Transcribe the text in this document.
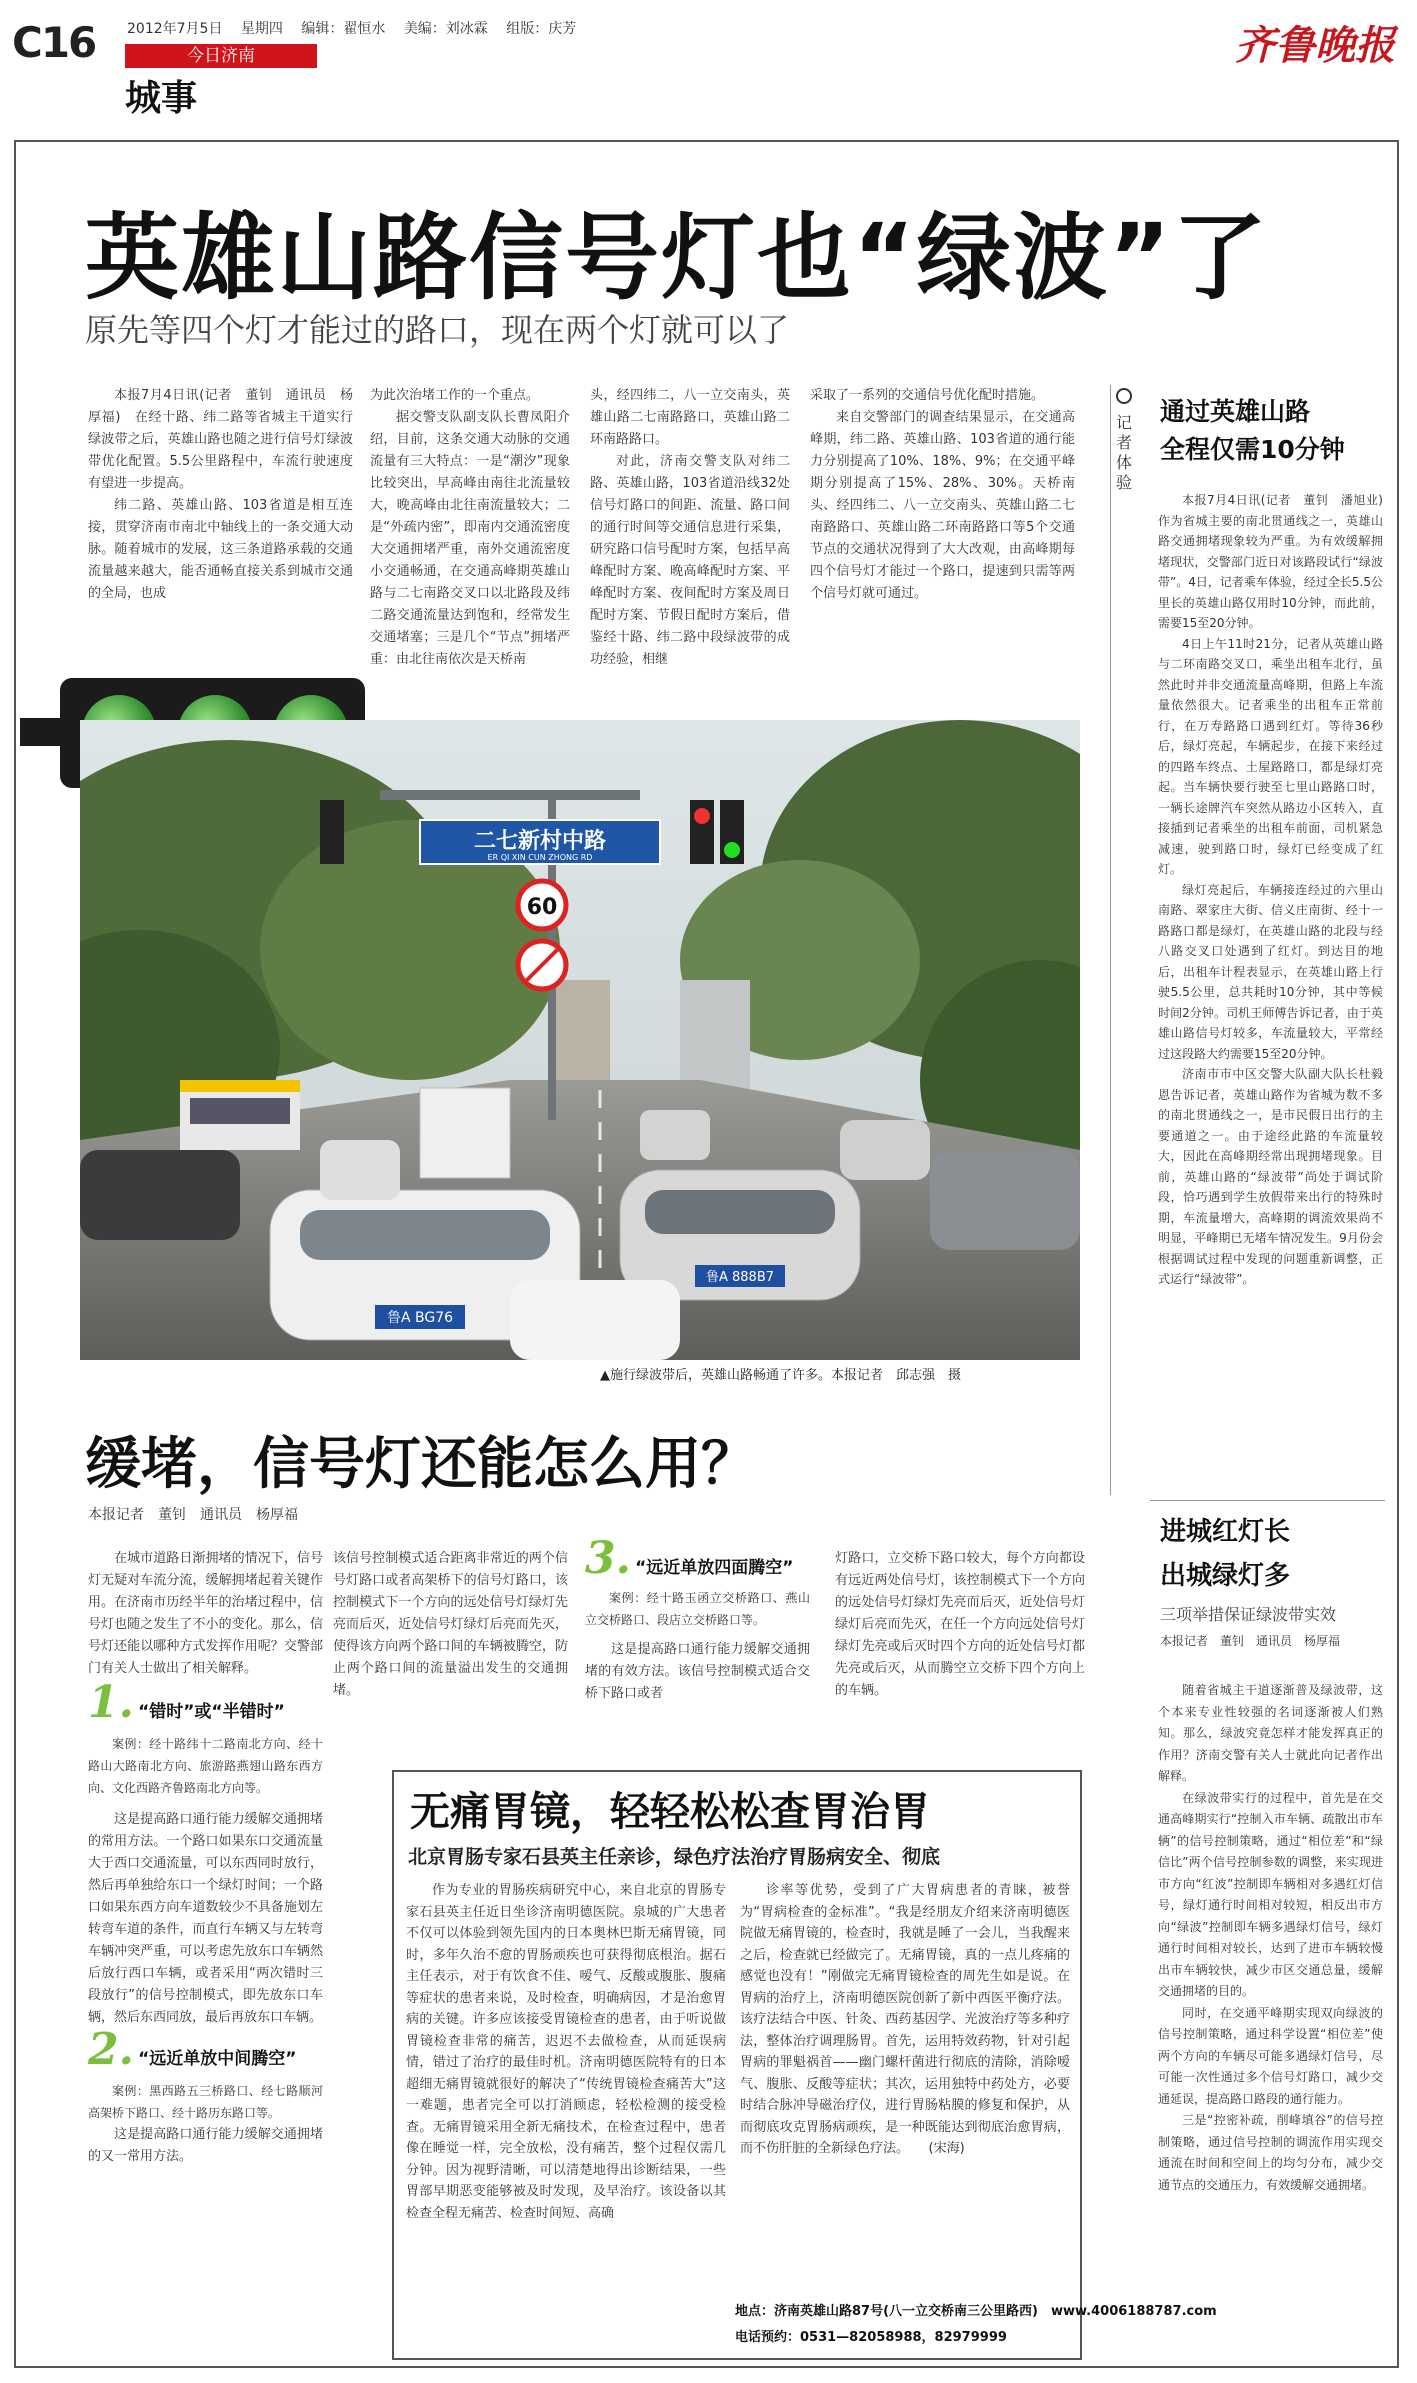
C16 2012年7月5日　 星期四　 编辑：翟恒水　 美编：刘冰霖　 组版：庆芳
今日济南
城事
齐鲁晚报
英雄山路信号灯也“绿波”了
原先等四个灯才能过的路口，现在两个灯就可以了

本报7月4日讯(记者　董钊　通讯员　杨厚福)　在经十路、纬二路等省城主干道实行绿波带之后，英雄山路也随之进行信号灯绿波带优化配置。5.5公里路程中，车流行驶速度有望进一步提高。

纬二路、英雄山路、103省道是相互连接，贯穿济南市南北中轴线上的一条交通大动脉。随着城市的发展，这三条道路承载的交通流量越来越大，能否通畅直接关系到城市交通的全局，也成

为此次治堵工作的一个重点。

据交警支队副支队长曹凤阳介绍，目前，这条交通大动脉的交通流量有三大特点：一是“潮汐”现象比较突出，早高峰由南往北流量较大，晚高峰由北往南流量较大；二是“外疏内密”，即南内交通流密度大交通拥堵严重，南外交通流密度小交通畅通，在交通高峰期英雄山路与二七南路交叉口以北路段及纬二路交通流量达到饱和，经常发生交通堵塞；三是几个“节点”拥堵严重：由北往南依次是天桥南

头，经四纬二，八一立交南头，英雄山路二七南路路口，英雄山路二环南路路口。

对此，济南交警支队对纬二路、英雄山路，103省道沿线32处信号灯路口的间距、流量、路口间的通行时间等交通信息进行采集，研究路口信号配时方案，包括早高峰配时方案、晚高峰配时方案、平峰配时方案、夜间配时方案及周日配时方案、节假日配时方案后，借鉴经十路、纬二路中段绿波带的成功经验，相继

采取了一系列的交通信号优化配时措施。

来自交警部门的调查结果显示，在交通高峰期，纬二路、英雄山路、103省道的通行能力分别提高了10%、18%、9%；在交通平峰期分别提高了15%、28%、30%。天桥南头、经四纬二、八一立交南头、英雄山路二七南路路口、英雄山路二环南路路口等5个交通节点的交通状况得到了大大改观，由高峰期每四个信号灯才能过一个路口，提速到只需等两个信号灯就可通过。

二七新村中路
ER QI XIN CUN ZHONG RD
60
鲁A BG76
鲁A 888B7
▲施行绿波带后，英雄山路畅通了许多。本报记者　邱志强　摄
记者体验
通过英雄山路
全程仅需10分钟

本报7月4日讯(记者　董钊　潘旭业)　作为省城主要的南北贯通线之一，英雄山路交通拥堵现象较为严重。为有效缓解拥堵现状，交警部门近日对该路段试行“绿波带”。4日，记者乘车体验，经过全长5.5公里长的英雄山路仅用时10分钟，而此前，需要15至20分钟。

4日上午11时21分，记者从英雄山路与二环南路交叉口，乘坐出租车北行，虽然此时并非交通流量高峰期，但路上车流量依然很大。记者乘坐的出租车正常前行，在万寿路路口遇到红灯。等待36秒后，绿灯亮起，车辆起步，在接下来经过的四路车终点、土屋路路口，都是绿灯亮起。当车辆快要行驶至七里山路路口时，一辆长途牌汽车突然从路边小区转入，直接插到记者乘坐的出租车前面，司机紧急减速，驶到路口时，绿灯已经变成了红灯。

绿灯亮起后，车辆接连经过的六里山南路、翠家庄大街、信义庄南街、经十一路路口都是绿灯，在英雄山路的北段与经八路交叉口处遇到了红灯。到达目的地后，出租车计程表显示，在英雄山路上行驶5.5公里，总共耗时10分钟，其中等候时间2分钟。司机王师傅告诉记者，由于英雄山路信号灯较多，车流量较大，平常经过这段路大约需要15至20分钟。

济南市市中区交警大队副大队长杜毅恩告诉记者，英雄山路作为省城为数不多的南北贯通线之一，是市民假日出行的主要通道之一。由于途经此路的车流量较大，因此在高峰期经常出现拥堵现象。目前，英雄山路的“绿波带”尚处于调试阶段，恰巧遇到学生放假带来出行的特殊时期，车流量增大，高峰期的调流效果尚不明显，平峰期已无堵车情况发生。9月份会根据调试过程中发现的问题重新调整，正式运行“绿波带”。

进城红灯长
出城绿灯多
三项举措保证绿波带实效
本报记者　董钊　通讯员　杨厚福

随着省城主干道逐渐普及绿波带，这个本来专业性较强的名词逐渐被人们熟知。那么，绿波究竟怎样才能发挥真正的作用？济南交警有关人士就此向记者作出解释。

在绿波带实行的过程中，首先是在交通高峰期实行“控制入市车辆、疏散出市车辆”的信号控制策略，通过“相位差”和“绿信比”两个信号控制参数的调整，来实现进市方向“红波”控制即车辆相对多遇红灯信号，绿灯通行时间相对较短，相反出市方向“绿波”控制即车辆多遇绿灯信号，绿灯通行时间相对较长，达到了进市车辆较慢出市车辆较快，减少市区交通总量，缓解交通拥堵的目的。

同时，在交通平峰期实现双向绿波的信号控制策略，通过科学设置“相位差”使两个方向的车辆尽可能多遇绿灯信号，尽可能一次性通过多个信号灯路口，减少交通延误，提高路口路段的通行能力。

三是“控密补疏，削峰填谷”的信号控制策略，通过信号控制的调流作用实现交通流在时间和空间上的均匀分布，减少交通节点的交通压力，有效缓解交通拥堵。

缓堵，信号灯还能怎么用？
本报记者　董钊　通讯员　杨厚福

在城市道路日渐拥堵的情况下，信号灯无疑对车流分流，缓解拥堵起着关键作用。在济南市历经半年的治堵过程中，信号灯也随之发生了不小的变化。那么，信号灯还能以哪种方式发挥作用呢？交警部门有关人士做出了相关解释。

1. “错时”或“半错时”

案例：经十路纬十二路南北方向、经十路山大路南北方向、旅游路燕翅山路东西方向、文化西路齐鲁路南北方向等。

这是提高路口通行能力缓解交通拥堵的常用方法。一个路口如果东口交通流量大于西口交通流量，可以东西同时放行，然后再单独给东口一个绿灯时间；一个路口如果东西方向车道数较少不具备施划左转弯车道的条件，而直行车辆又与左转弯车辆冲突严重，可以考虑先放东口车辆然后放行西口车辆，或者采用“两次错时三段放行”的信号控制模式，即先放东口车辆，然后东西同放，最后再放东口车辆。

2. “远近单放中间腾空”

案例：黑西路五三桥路口、经七路顺河高架桥下路口、经十路历东路口等。

这是提高路口通行能力缓解交通拥堵的又一常用方法。

该信号控制模式适合距离非常近的两个信号灯路口或者高架桥下的信号灯路口，该控制模式下一个方向的远处信号灯绿灯先亮而后灭，近处信号灯绿灯后亮而先灭，使得该方向两个路口间的车辆被腾空，防止两个路口间的流量溢出发生的交通拥堵。

3. “远近单放四面腾空”

案例：经十路玉函立交桥路口、燕山立交桥路口、段店立交桥路口等。

这是提高路口通行能力缓解交通拥堵的有效方法。该信号控制模式适合交桥下路口或者

灯路口，立交桥下路口较大，每个方向都设有远近两处信号灯，该控制模式下一个方向的远处信号灯绿灯先亮而后灭，近处信号灯绿灯后亮而先灭，在任一个方向远处信号灯绿灯先亮或后灭时四个方向的近处信号灯都先亮或后灭，从而腾空立交桥下四个方向上的车辆。

无痛胃镜，轻轻松松查胃治胃
北京胃肠专家石县英主任亲诊，绿色疗法治疗胃肠病安全、彻底

作为专业的胃肠疾病研究中心，来自北京的胃肠专家石县英主任近日坐诊济南明德医院。泉城的广大患者不仅可以体验到领先国内的日本奥林巴斯无痛胃镜，同时，多年久治不愈的胃肠顽疾也可获得彻底根治。据石主任表示，对于有饮食不佳、嗳气、反酸或腹胀、腹痛等症状的患者来说，及时检查，明确病因，才是治愈胃病的关键。许多应该接受胃镜检查的患者，由于听说做胃镜检查非常的痛苦，迟迟不去做检查，从而延误病情，错过了治疗的最佳时机。济南明德医院特有的日本超细无痛胃镜就很好的解决了“传统胃镜检查痛苦大”这一难题，患者完全可以打消顾虑，轻松检测的接受检查。无痛胃镜采用全新无痛技术，在检查过程中，患者像在睡觉一样，完全放松，没有痛苦，整个过程仅需几分钟。因为视野清晰，可以清楚地得出诊断结果，一些胃部早期恶变能够被及时发现，及早治疗。该设备以其检查全程无痛苦、检查时间短、高确

诊率等优势，受到了广大胃病患者的青睐，被誉为“胃病检查的金标准”。“我是经朋友介绍来济南明德医院做无痛胃镜的，检查时，我就是睡了一会儿，当我醒来之后，检查就已经做完了。无痛胃镜，真的一点儿疼痛的感觉也没有！”刚做完无痛胃镜检查的周先生如是说。在胃病的治疗上，济南明德医院创新了新中西医平衡疗法。该疗法结合中医、针灸、西药基因学、光波治疗等多种疗法，整体治疗调理肠胃。首先，运用特效药物，针对引起胃病的罪魁祸首——幽门螺杆菌进行彻底的清除，消除嗳气、腹胀、反酸等症状；其次，运用独特中药处方，必要时结合脉冲导磁治疗仪，进行胃肠粘膜的修复和保护，从而彻底攻克胃肠病顽疾，是一种既能达到彻底治愈胃病，而不伤肝脏的全新绿色疗法。　　(宋海)

地点：济南英雄山路87号(八一立交桥南三公里路西)　www.4006188787.com
电话预约：0531—82058988，82979999
